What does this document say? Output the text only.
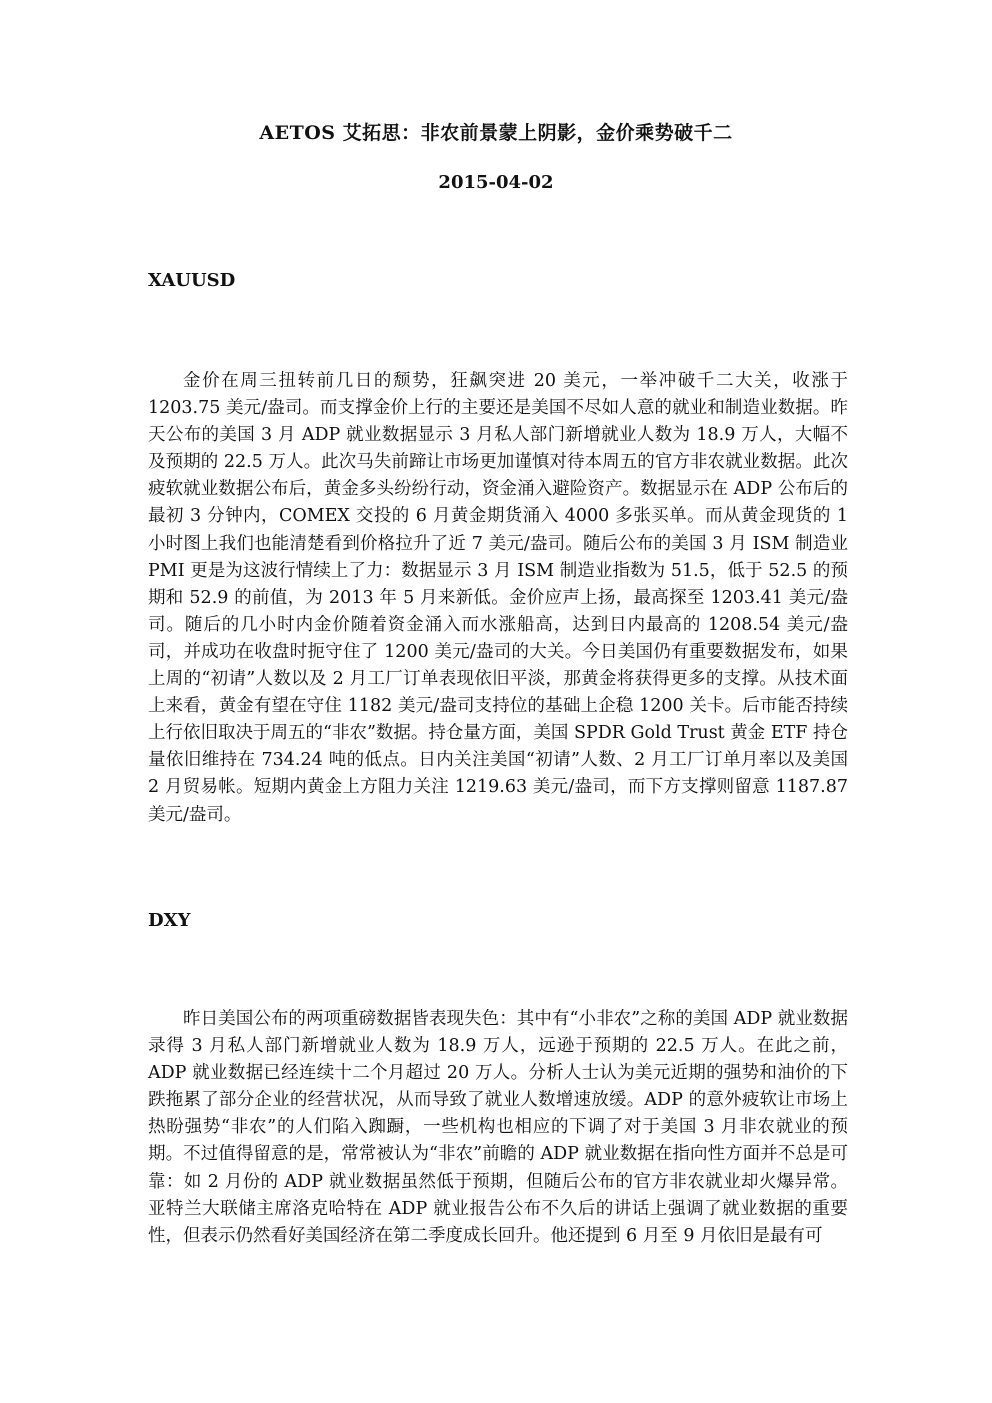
AETOS 艾拓思：非农前景蒙上阴影，金价乘势破千二
2015-04-02
XAUUSD

金价在周三扭转前几日的颓势，狂飙突进 20 美元，一举冲破千二大关，收涨于 1203.75 美元/盎司。而支撑金价上行的主要还是美国不尽如人意的就业和制造业数据。昨天公布的美国 3 月 ADP 就业数据显示 3 月私人部门新增就业人数为 18.9 万人，大幅不及预期的 22.5 万人。此次马失前蹄让市场更加谨慎对待本周五的官方非农就业数据。此次疲软就业数据公布后，黄金多头纷纷行动，资金涌入避险资产。数据显示在 ADP 公布后的最初 3 分钟内，COMEX 交投的 6 月黄金期货涌入 4000 多张买单。而从黄金现货的 1 小时图上我们也能清楚看到价格拉升了近 7 美元/盎司。随后公布的美国 3 月 ISM 制造业 PMI 更是为这波行情续上了力：数据显示 3 月 ISM 制造业指数为 51.5，低于 52.5 的预期和 52.9 的前值，为 2013 年 5 月来新低。金价应声上扬，最高探至 1203.41 美元/盎司。随后的几小时内金价随着资金涌入而水涨船高，达到日内最高的 1208.54 美元/盎司，并成功在收盘时扼守住了 1200 美元/盎司的大关。今日美国仍有重要数据发布，如果上周的“初请”人数以及 2 月工厂订单表现依旧平淡，那黄金将获得更多的支撑。从技术面上来看，黄金有望在守住 1182 美元/盎司支持位的基础上企稳 1200 关卡。后市能否持续上行依旧取决于周五的“非农”数据。持仓量方面，美国 SPDR Gold Trust 黄金 ETF 持仓量依旧维持在 734.24 吨的低点。日内关注美国“初请”人数、2 月工厂订单月率以及美国 2 月贸易帐。短期内黄金上方阻力关注 1219.63 美元/盎司，而下方支撑则留意 1187.87 美元/盎司。

DXY

昨日美国公布的两项重磅数据皆表现失色：其中有“小非农”之称的美国 ADP 就业数据录得 3 月私人部门新增就业人数为 18.9 万人，远逊于预期的 22.5 万人。在此之前，ADP 就业数据已经连续十二个月超过 20 万人。分析人士认为美元近期的强势和油价的下跌拖累了部分企业的经营状况，从而导致了就业人数增速放缓。ADP 的意外疲软让市场上热盼强势“非农”的人们陷入踟蹰，一些机构也相应的下调了对于美国 3 月非农就业的预期。不过值得留意的是，常常被认为“非农”前瞻的 ADP 就业数据在指向性方面并不总是可靠：如 2 月份的 ADP 就业数据虽然低于预期，但随后公布的官方非农就业却火爆异常。亚特兰大联储主席洛克哈特在 ADP 就业报告公布不久后的讲话上强调了就业数据的重要性，但表示仍然看好美国经济在第二季度成长回升。他还提到 6 月至 9 月依旧是最有可
